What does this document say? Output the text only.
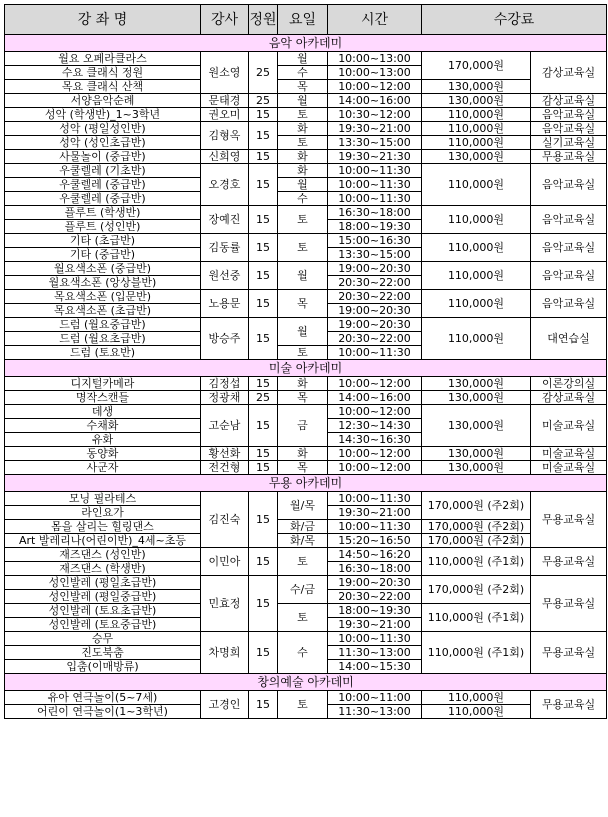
강 좌 명	강사	정원	요일	시간	수강료	
음악 아카데미						
월요 오페라클라스	원소영	25	월	10:00~13:00	170,000원	감상교육실
수요 클래식 정원			수	10:00~13:00		
목요 클래식 산책			목	10:00~12:00	130,000원	
서양음악순례	문태경	25	월	14:00~16:00	130,000원	감상교육실
성악 (학생반)_1~3학년	권오미	15	토	10:30~12:00	110,000원	음악교육실
성악 (평일성인반)	김형옥	15	화	19:30~21:00	110,000원	음악교육실
성악 (성인초급반)			토	13:30~15:00	110,000원	실기교육실
사물놀이 (중급반)	신희영	15	화	19:30~21:30	130,000원	무용교육실
우쿨렐레 (기초반)	오경호	15	화	10:00~11:30	110,000원	음악교육실
우쿨렐레 (중급반)			월	10:00~11:30		
우쿨렐레 (중급반)			수	10:00~11:30		
플루트 (학생반)	장예진	15	토	16:30~18:00	110,000원	음악교육실
플루트 (성인반)				18:00~19:30		
기타 (초급반)	김동률	15	토	15:00~16:30	110,000원	음악교육실
기타 (중급반)				13:30~15:00		
월요색소폰 (중급반)	원선중	15	월	19:00~20:30	110,000원	음악교육실
월요색소폰 (앙상블반)				20:30~22:00		
목요색소폰 (입문반)	노용문	15	목	20:30~22:00	110,000원	음악교육실
목요색소폰 (초급반)				19:00~20:30		
드럼 (월요중급반)	방승주	15	월	19:00~20:30	110,000원	대연습실
드럼 (월요초급반)				20:30~22:00		
드럼 (토요반)			토	10:00~11:30		
미술 아카데미						
디지털카메라	김정섭	15	화	10:00~12:00	130,000원	이론강의실
명작스캔들	정광채	25	목	14:00~16:00	130,000원	감상교육실
데생	고순남	15	금	10:00~12:00	130,000원	미술교육실
수채화				12:30~14:30		
유화				14:30~16:30		
동양화	황선화	15	화	10:00~12:00	130,000원	미술교육실
사군자	전건형	15	목	10:00~12:00	130,000원	미술교육실
무용 아카데미						
모닝 필라테스	김진숙	15	월/목	10:00~11:30	170,000원 (주2회)	무용교육실
라인요가				19:30~21:00		
몸을 살리는 힐링댄스			화/금	10:00~11:30	170,000원 (주2회)	
Art 발레리나(어린이반)_4세~초등			화/목	15:20~16:50	170,000원 (주2회)	
재즈댄스 (성인반)	이민아	15	토	14:50~16:20	110,000원 (주1회)	무용교육실
재즈댄스 (학생반)				16:30~18:00		
성인발레 (평일초급반)	민효정	15	수/금	19:00~20:30	170,000원 (주2회)	무용교육실
성인발레 (평일중급반)				20:30~22:00		
성인발레 (토요초급반)			토	18:00~19:30	110,000원 (주1회)	
성인발레 (토요중급반)				19:30~21:00		
승무	차명희	15	수	10:00~11:30	110,000원 (주1회)	무용교육실
진도북춤				11:30~13:00		
입춤(이매방류)				14:00~15:30		
창의예술 아카데미						
유아 연극놀이(5~7세)	고경인	15	토	10:00~11:00	110,000원	무용교육실
어린이 연극놀이(1~3학년)				11:30~13:00	110,000원	
